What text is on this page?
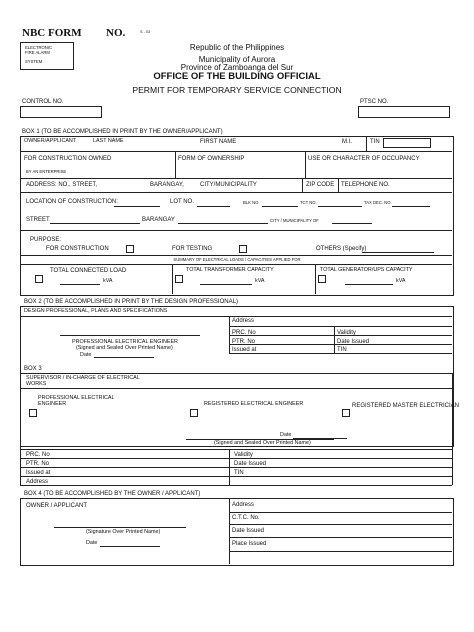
NBC FORM NO.	S - 03
ELECTRONIC
FIRE ALARM
SYSTEM
Republic of the Philippines
Municipality of Aurora
Province of Zamboanga del Sur
OFFICE OF THE BUILDING OFFICIAL
PERMIT FOR TEMPORARY SERVICE CONNECTION
CONTROL NO.	PTSC NO.
BOX 1 (TO BE ACCOMPLISHED IN PRINT BY THE OWNER/APPLICANT)
OWNER/APPLICANT	LAST NAME	FIRST NAME	M.I.	TIN
FOR CONSTRUCTION OWNED
BY AN ENTERPRISE
FORM OF OWNERSHIP	USE OR CHARACTER OF OCCUPANCY
ADDRESS: NO., STREET,	BARANGAY,	CITY/MUNICIPALITY	ZIP CODE TELEPHONE NO.
LOCATION OF CONSTRUCTION:	LOT NO.	BLK NO.	TCT NO.	TAX DEC. NO.
STREET	BARANGAY	CITY / MUNICIPALITY OF
PURPOSE:
FOR CONSTRUCTION	FOR TESTING	OTHERS (Specify)
SUMMARY OF ELECTRICAL LOADS / CAPACITIES APPLIED FOR
TOTAL CONNECTED LOAD
kVA
TOTAL TRANSFORMER CAPACITY
kVA
TOTAL GENERATOR/UPS CAPACITY
kVA
BOX 2 (TO BE ACCOMPLISHED IN PRINT BY THE DESIGN PROFESSIONAL)
DESIGN PROFESSIONAL, PLANS AND SPECIFICATIONS
Address
PRC. No	Validity
PTR. No	Date Issued
Issued at	TIN
PROFESSIONAL ELECTRICAL ENGINEER
(Signed and Sealed Over Printed Name)
Date
BOX 3
SUPERVISOR / IN-CHARGE OF ELECTRICAL
WORKS
PROFESSIONAL ELECTRICAL
ENGINEER	REGISTERED ELECTRICAL ENGINEER	REGISTERED MASTER ELECTRICIAN
Date
(Signed and Sealed Over Printed Name)
PRC. No	Validity
PTR. No	Date Issued
Issued at	TIN
Address
BOX 4 (TO BE ACCOMPLISHED BY THE OWNER / APPLICANT)
OWNER / APPLICANT
(Signature Over Printed Name)
Date
Address
C.T.C. No.
Date Issued
Place Issued
